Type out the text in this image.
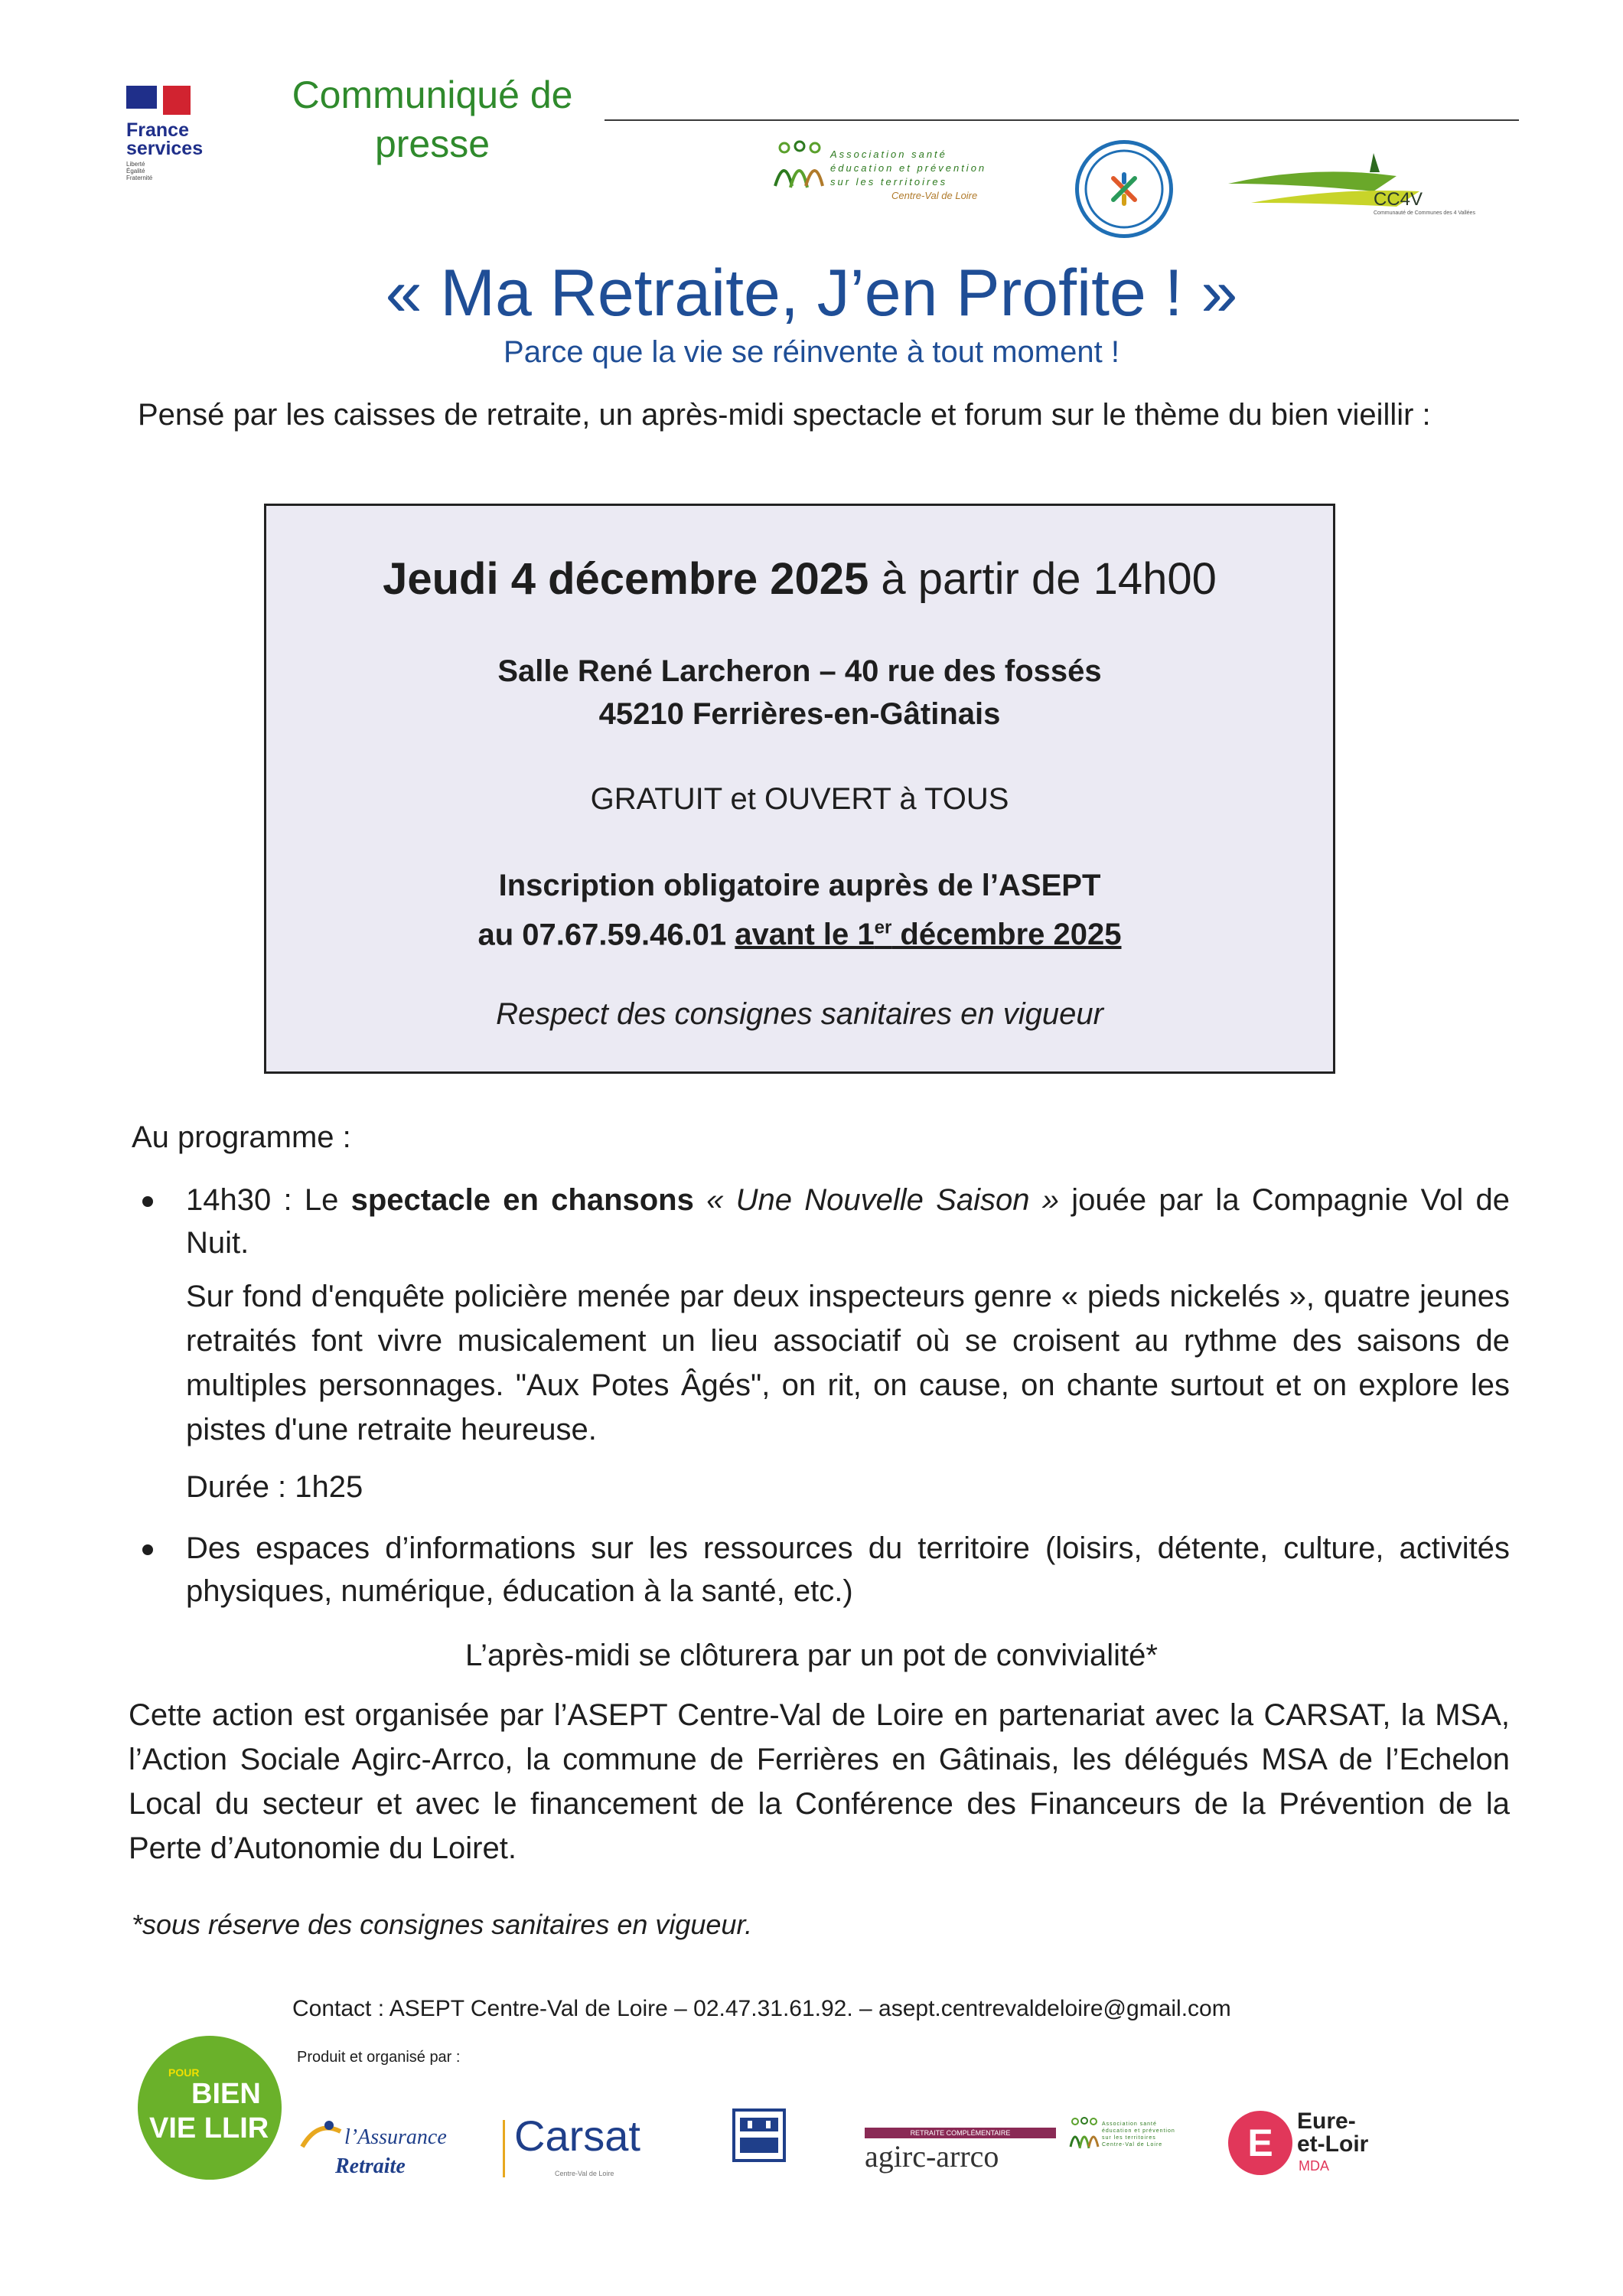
France
services
Liberté
Égalité
Fraternité
Communiqué de
presse	Association santé
éducation et prévention
sur les territoires
Centre-Val de Loire	CC4V
Communauté de Communes des 4 Vallées
« Ma Retraite, J’en Profite ! »
Parce que la vie se réinvente à tout moment !
Pensé par les caisses de retraite, un après-midi spectacle et forum sur le thème du bien vieillir :
Jeudi 4 décembre 2025 à partir de 14h00
Salle René Larcheron – 40 rue des fossés
45210 Ferrières-en-Gâtinais
GRATUIT et OUVERT à TOUS
Inscription obligatoire auprès de l’ASEPT
au 07.67.59.46.01 avant le 1er décembre 2025
Respect des consignes sanitaires en vigueur
Au programme :
14h30 : Le spectacle en chansons « Une Nouvelle Saison » jouée par la Compagnie Vol de Nuit.
Sur fond d'enquête policière menée par deux inspecteurs genre « pieds nickelés », quatre jeunes retraités font vivre musicalement un lieu associatif où se croisent au rythme des saisons de multiples personnages. "Aux Potes Âgés", on rit, on cause, on chante surtout et on explore les pistes d'une retraite heureuse.
Durée : 1h25
Des espaces d’informations sur les ressources du territoire (loisirs, détente, culture, activités physiques, numérique, éducation à la santé, etc.)
L’après-midi se clôturera par un pot de convivialité*
Cette action est organisée par l’ASEPT Centre-Val de Loire en partenariat avec la CARSAT, la MSA, l’Action Sociale Agirc-Arrco, la commune de Ferrières en Gâtinais, les délégués MSA de l’Echelon Local du secteur et avec le financement de la Conférence des Financeurs de la Prévention de la Perte d’Autonomie du Loiret.
*sous réserve des consignes sanitaires en vigueur.
Contact : ASEPT Centre-Val de Loire – 02.47.31.61.92. – asept.centrevaldeloire@gmail.com
Produit et organisé par :
POUR
BIEN
VIE LLIR	l’Assurance
Retraite
Carsat
Centre-Val de Loire
RETRAITE COMPLÉMENTAIRE
agirc-arrco
Association santé
éducation et prévention
sur les territoires
Centre-Val de Loire	E
Eure-
et-Loir
MDA
